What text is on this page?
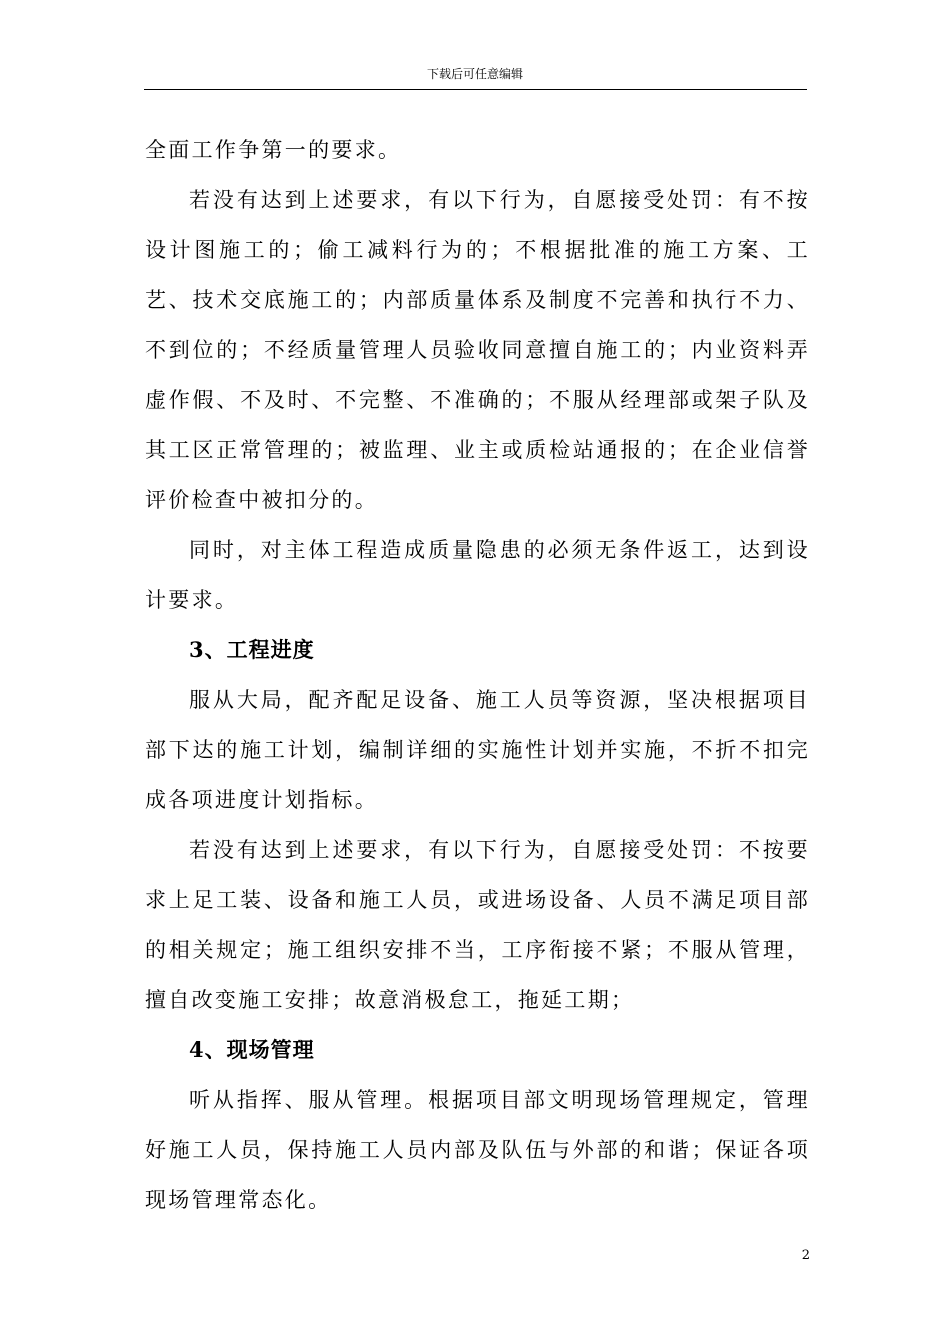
下载后可任意编辑

全面工作争第一的要求。

若没有达到上述要求，有以下行为，自愿接受处罚：有不按设计图施工的；偷工减料行为的；不根据批准的施工方案、工艺、技术交底施工的；内部质量体系及制度不完善和执行不力、不到位的；不经质量管理人员验收同意擅自施工的；内业资料弄虚作假、不及时、不完整、不准确的；不服从经理部或架子队及其工区正常管理的；被监理、业主或质检站通报的；在企业信誉评价检查中被扣分的。

同时，对主体工程造成质量隐患的必须无条件返工，达到设计要求。

3、工程进度

服从大局，配齐配足设备、施工人员等资源，坚决根据项目部下达的施工计划，编制详细的实施性计划并实施，不折不扣完成各项进度计划指标。

若没有达到上述要求，有以下行为，自愿接受处罚：不按要求上足工装、设备和施工人员，或进场设备、人员不满足项目部的相关规定；施工组织安排不当，工序衔接不紧；不服从管理，擅自改变施工安排；故意消极怠工，拖延工期；

4、现场管理

听从指挥、服从管理。根据项目部文明现场管理规定，管理好施工人员，保持施工人员内部及队伍与外部的和谐；保证各项现场管理常态化。

2
